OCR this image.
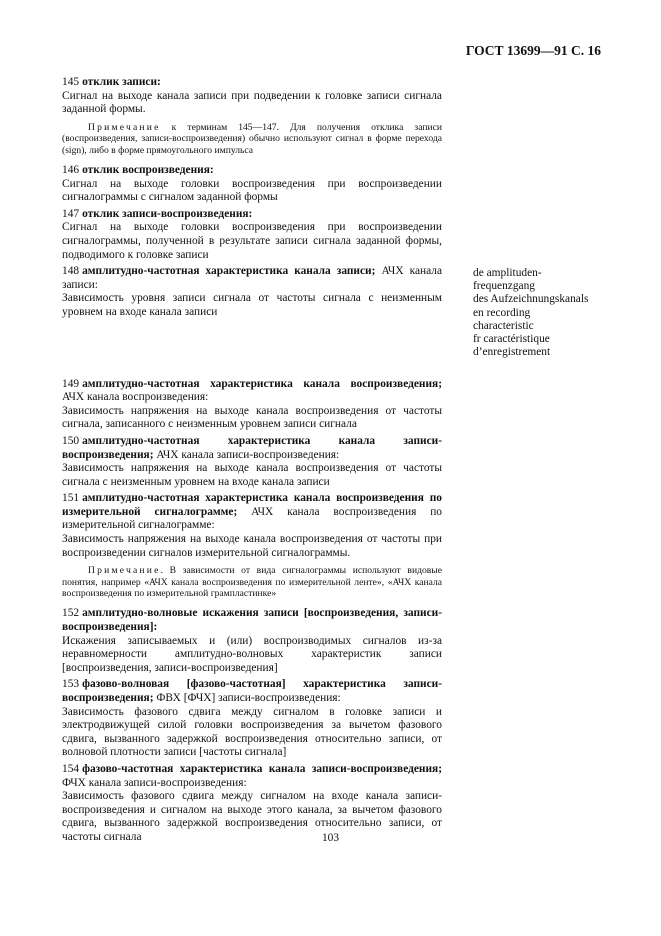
ГОСТ 13699—91 С. 16

145 отклик записи:

Сигнал на выходе канала записи при подведении к головке записи сигнала заданной формы.

Примечание к терминам 145—147. Для получения отклика записи (воспроизведения, записи-воспроизведения) обычно используют сигнал в форме перехода (sign), либо в форме прямоугольного импульса

146 отклик воспроизведения:

Сигнал на выходе головки воспроизведения при воспроизведении сигналограммы с сигналом заданной формы

147 отклик записи-воспроизведения:

Сигнал на выходе головки воспроизведения при воспроизведении сигналограммы, полученной в результате записи сигнала заданной формы, подводимого к головке записи

148 амплитудно-частотная характеристика канала записи; АЧХ канала записи:

Зависимость уровня записи сигнала от частоты сигнала с неизменным уровнем на входе канала записи

149 амплитудно-частотная характеристика канала воспроизведения; АЧХ канала воспроизведения:

Зависимость напряжения на выходе канала воспроизведения от частоты сигнала, записанного с неизменным уровнем записи сигнала

150 амплитудно-частотная характеристика канала записи-воспроизведения; АЧХ канала записи-воспроизведения:

Зависимость напряжения на выходе канала воспроизведения от частоты сигнала с неизменным уровнем на входе канала записи

151 амплитудно-частотная характеристика канала воспроизведения по измерительной сигналограмме; АЧХ канала воспроизведения по измерительной сигналограмме:

Зависимость напряжения на выходе канала воспроизведения от частоты при воспроизведении сигналов измерительной сигналограммы.

Примечание. В зависимости от вида сигналограммы используют видовые понятия, например «АЧХ канала воспроизведения по измерительной ленте», «АЧХ канала воспроизведения по измерительной грамплaстинке»

152 амплитудно-волновые искажения записи [воспроизведения, записи-воспроизведения]:

Искажения записываемых и (или) воспроизводимых сигналов из-за неравномерности амплитудно-волновых характеристик записи [воспроизведения, записи-воспроизведения]

153 фазово-волновая [фазово-частотная] характеристика записи-воспроизведения; ФВХ [ФЧХ] записи-воспроизведения:

Зависимость фазового сдвига между сигналом в головке записи и электродвижущей силой головки воспроизведения за вычетом фазового сдвига, вызванного задержкой воспроизведения относительно записи, от волновой плотности записи [частоты сигнала]

154 фазово-частотная характеристика канала записи-воспроизведения; ФЧХ канала записи-воспроизведения:

Зависимость фазового сдвига между сигналом на входе канала записи-воспроизведения и сигналом на выходе этого канала, за вычетом фазового сдвига, вызванного задержкой воспроизведения относительно записи, от частоты сигнала

de amplituden-
frequenzgang
des Aufzeichnungskanals
en recording
characteristic
fr caractéristique
d’enregistrement
103
